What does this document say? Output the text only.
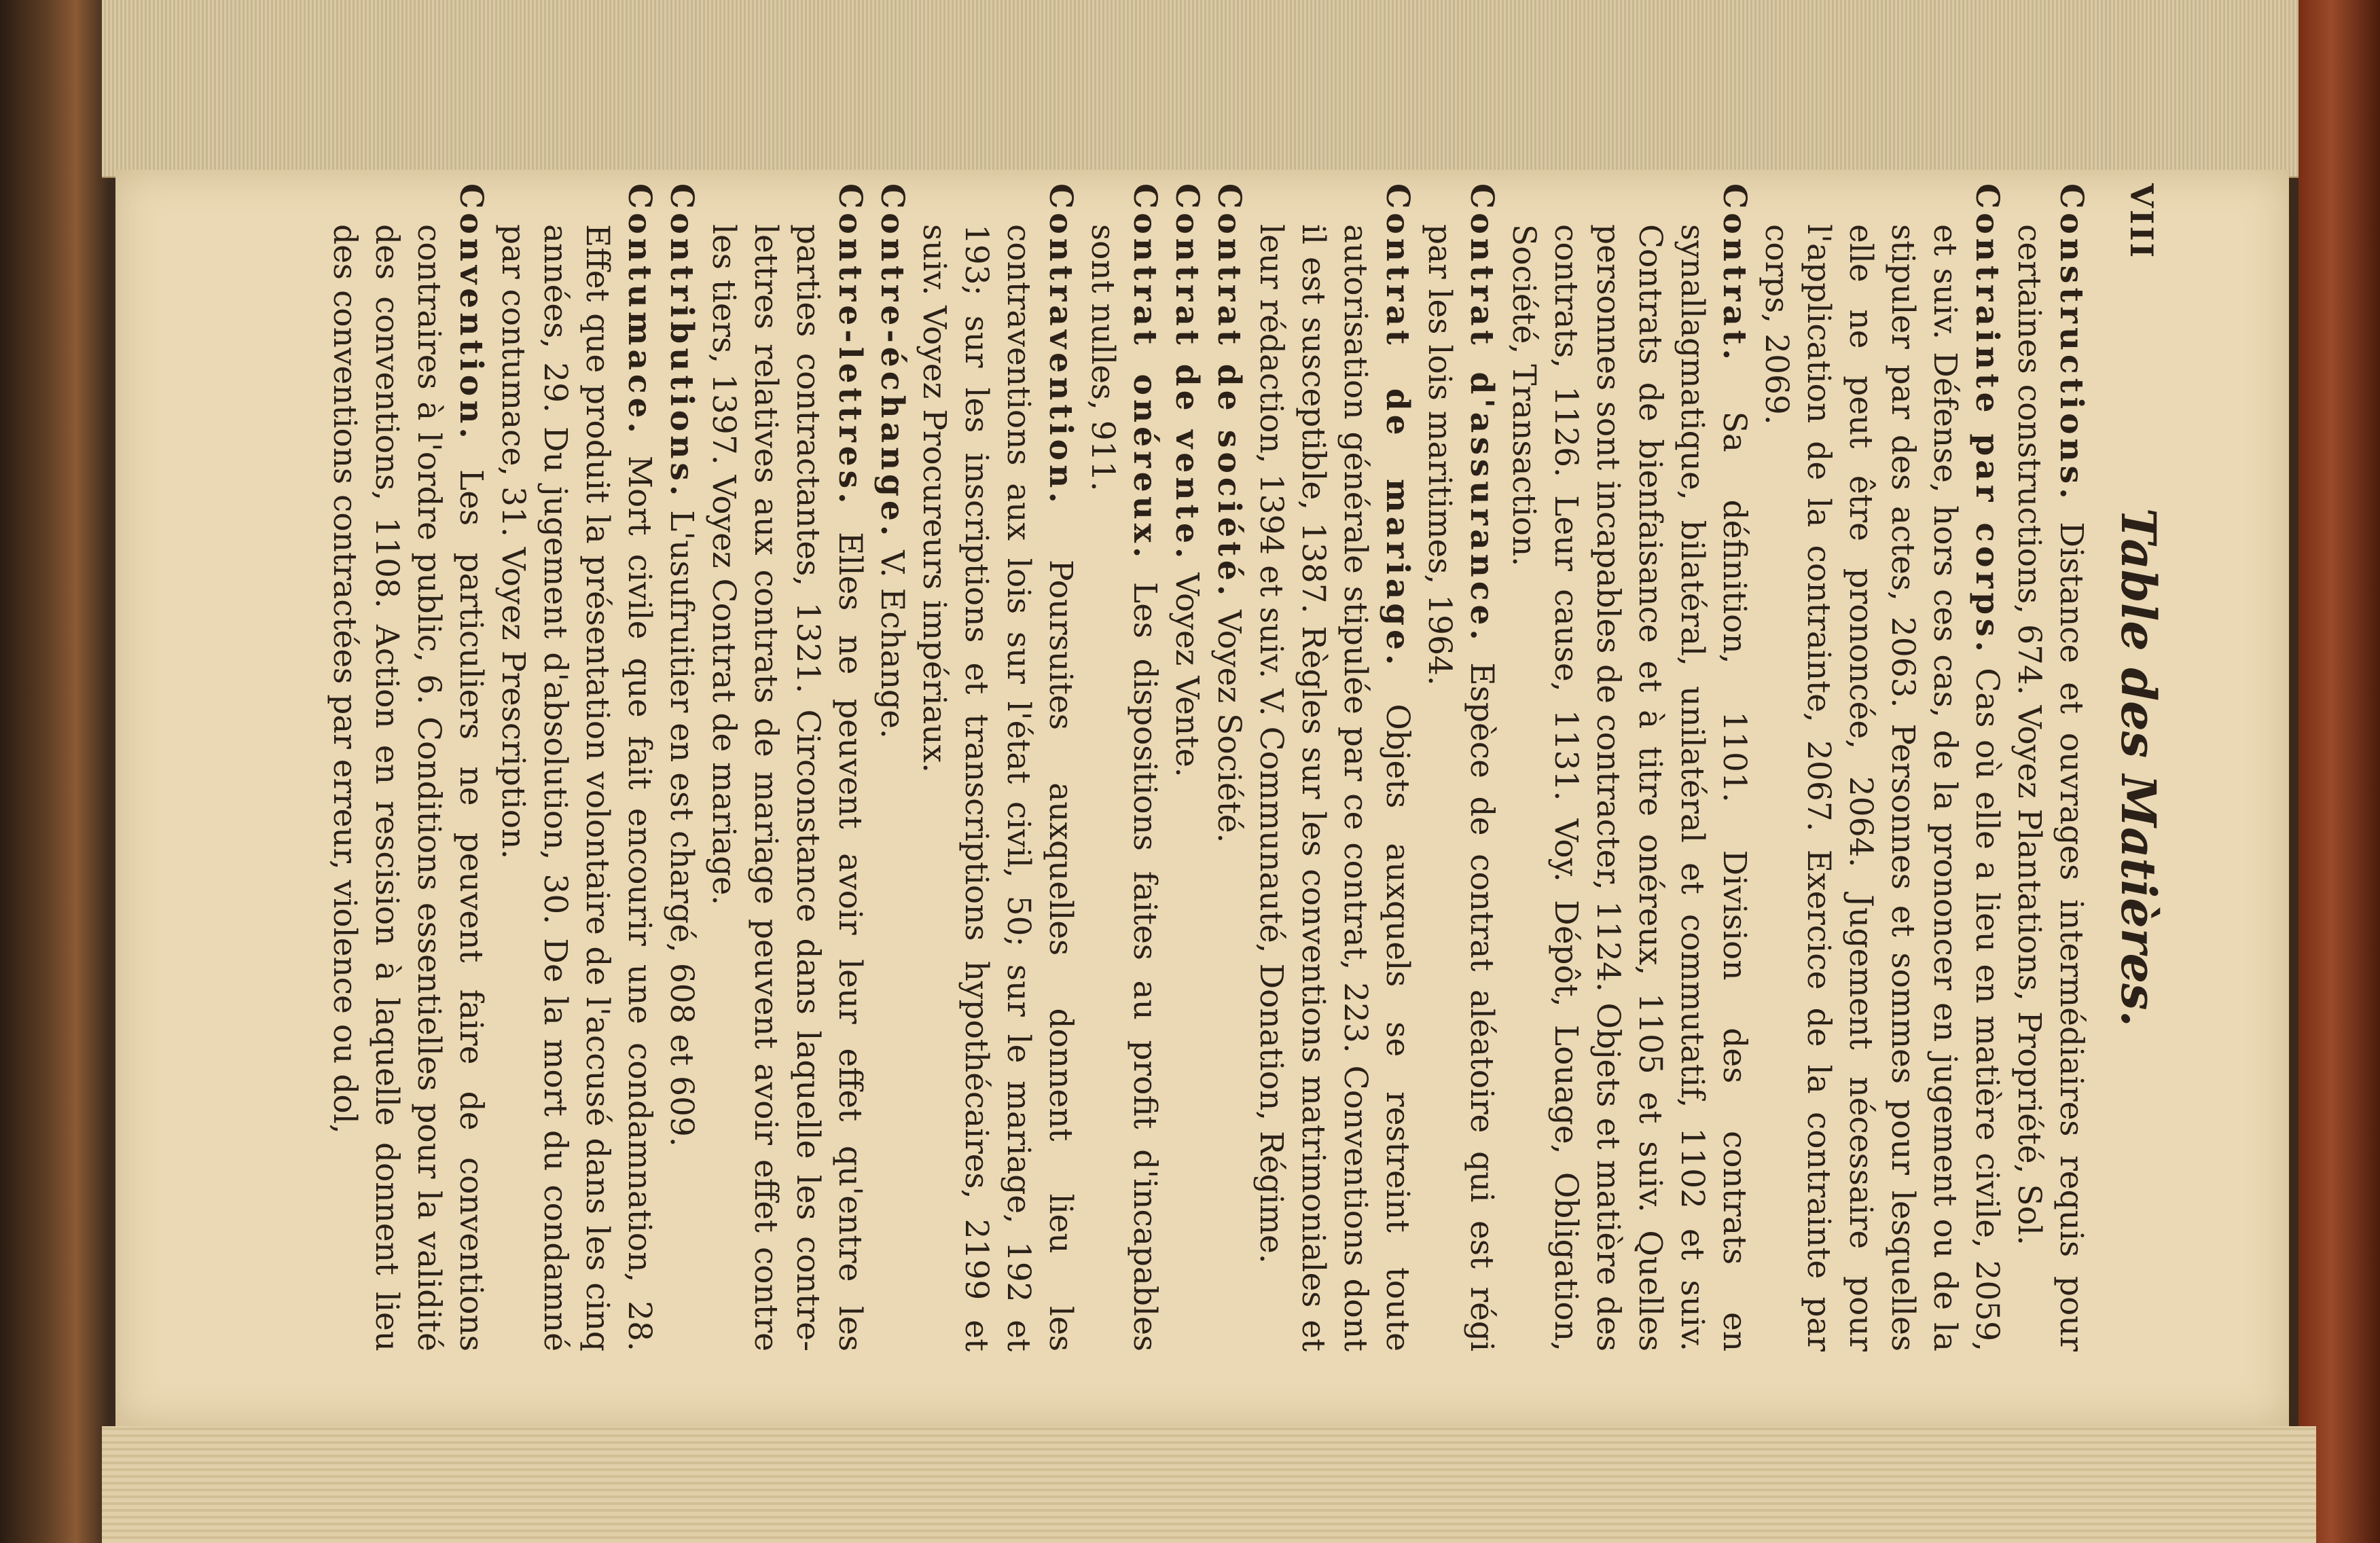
VIII
Table des Matières.

Constructions. Distance et ouvrages intermédiaires requis pour certaines constructions, 674. Voyez Plantations, Propriété, Sol.

Contrainte par corps. Cas où elle a lieu en matière civile, 2059, et suiv. Défense, hors ces cas, de la prononcer en jugement ou de la stipuler par des actes, 2063. Personnes et sommes pour lesquelles elle ne peut être prononcée, 2064. Jugement nécessaire pour l'application de la contrainte, 2067. Exercice de la contrainte par corps, 2069.

Contrat. Sa définition, 1101. Division des contrats en synallagmatique, bilatéral, unilatéral et commutatif, 1102 et suiv. Contrats de bienfaisance et à titre onéreux, 1105 et suiv. Quelles personnes sont incapables de contracter, 1124. Objets et matière des contrats, 1126. Leur cause, 1131. Voy. Dépôt, Louage, Obligation, Société, Transaction.

Contrat d'assurance. Espèce de contrat aléatoire qui est régi par les lois maritimes, 1964.

Contrat de mariage. Objets auxquels se restreint toute autorisation générale stipulée par ce contrat, 223. Conventions dont il est susceptible, 1387. Règles sur les conventions matrimoniales et leur rédaction, 1394 et suiv. V. Communauté, Donation, Régime.

Contrat de société. Voyez Société.

Contrat de vente. Voyez Vente.

Contrat onéreux. Les dispositions faites au profit d'incapables sont nulles, 911.

Contravention. Poursuites auxquelles donnent lieu les contraventions aux lois sur l'état civil, 50; sur le mariage, 192 et 193; sur les inscriptions et transcriptions hypothécaires, 2199 et suiv. Voyez Procureurs impériaux.

Contre-échange. V. Echange.

Contre-lettres. Elles ne peuvent avoir leur effet qu'entre les parties contractantes, 1321. Circonstance dans laquelle les contre-lettres relatives aux contrats de mariage peuvent avoir effet contre les tiers, 1397. Voyez Contrat de mariage.

Contributions. L'usufruitier en est chargé, 608 et 609.

Contumace. Mort civile que fait encourir une condamnation, 28. Effet que produit la présentation volontaire de l'accusé dans les cinq années, 29. Du jugement d'absolution, 30. De la mort du condamné par contumace, 31. Voyez Prescription.

Convention. Les particuliers ne peuvent faire de conventions contraires à l'ordre public, 6. Conditions essentielles pour la validité des conventions, 1108. Action en rescision à laquelle donnent lieu des conventions contractées par erreur, violence ou dol,
